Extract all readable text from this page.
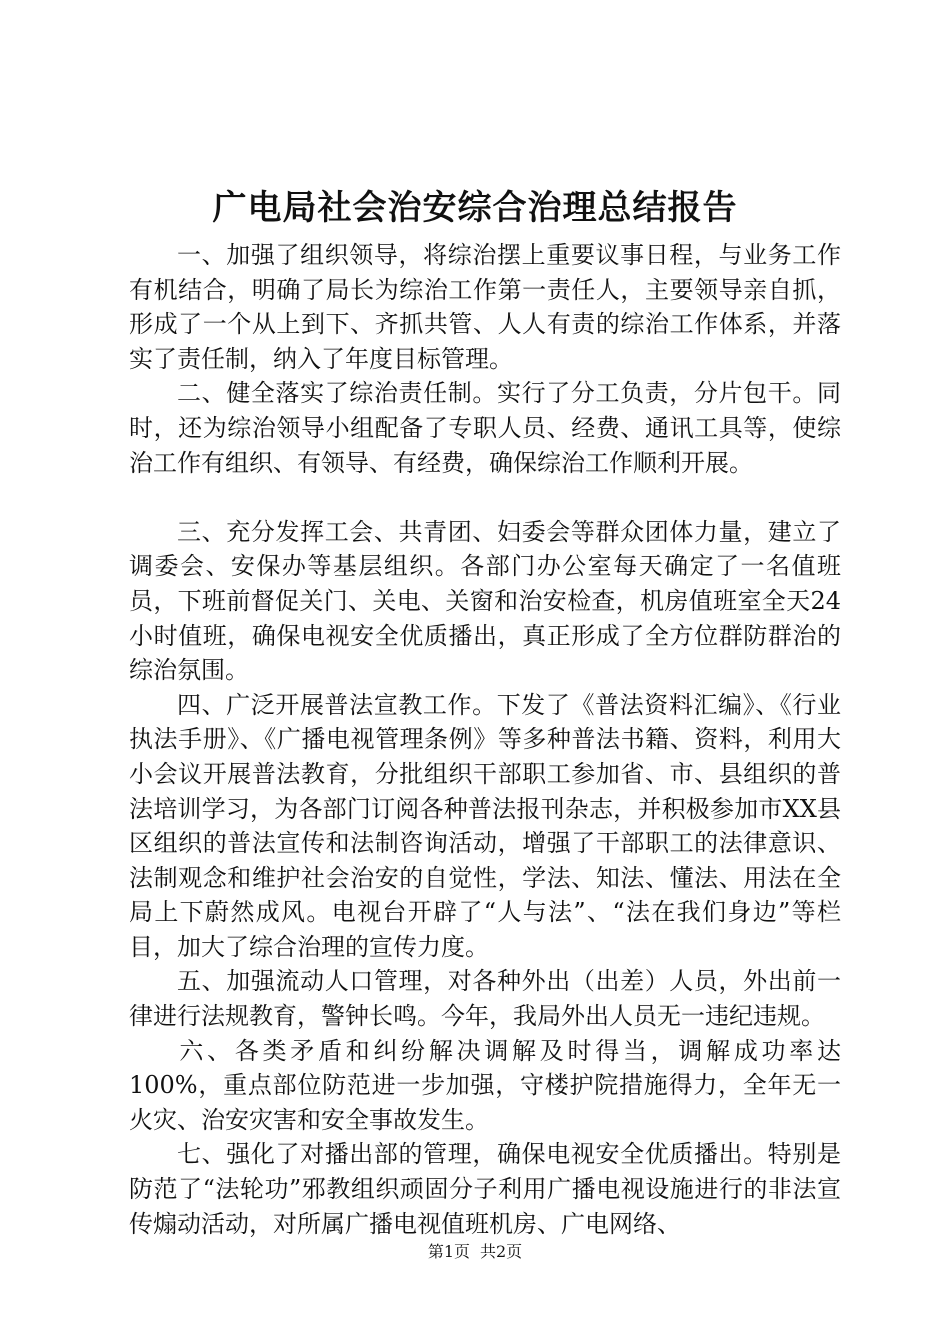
广电局社会治安综合治理总结报告

一、加强了组织领导，将综治摆上重要议事日程，与业务工作有机结合，明确了局长为综治工作第一责任人，主要领导亲自抓，形成了一个从上到下、齐抓共管、人人有责的综治工作体系，并落实了责任制，纳入了年度目标管理。

二、健全落实了综治责任制。实行了分工负责，分片包干。同时，还为综治领导小组配备了专职人员、经费、通讯工具等，使综治工作有组织、有领导、有经费，确保综治工作顺利开展。

三、充分发挥工会、共青团、妇委会等群众团体力量，建立了调委会、安保办等基层组织。各部门办公室每天确定了一名值班员，下班前督促关门、关电、关窗和治安检查，机房值班室全天24小时值班，确保电视安全优质播出，真正形成了全方位群防群治的综治氛围。

四、广泛开展普法宣教工作。下发了《普法资料汇编》、《行业执法手册》、《广播电视管理条例》等多种普法书籍、资料，利用大小会议开展普法教育，分批组织干部职工参加省、市、县组织的普法培训学习，为各部门订阅各种普法报刊杂志，并积极参加市XX县区组织的普法宣传和法制咨询活动，增强了干部职工的法律意识、法制观念和维护社会治安的自觉性，学法、知法、懂法、用法在全局上下蔚然成风。电视台开辟了“人与法”、“法在我们身边”等栏目，加大了综合治理的宣传力度。

五、加强流动人口管理，对各种外出（出差）人员，外出前一律进行法规教育，警钟长鸣。今年，我局外出人员无一违纪违规。

六、各类矛盾和纠纷解决调解及时得当，调解成功率达100%，重点部位防范进一步加强，守楼护院措施得力，全年无一火灾、治安灾害和安全事故发生。

七、强化了对播出部的管理，确保电视安全优质播出。特别是防范了“法轮功”邪教组织顽固分子利用广播电视设施进行的非法宣传煽动活动，对所属广播电视值班机房、广电网络、

第1页 共2页
